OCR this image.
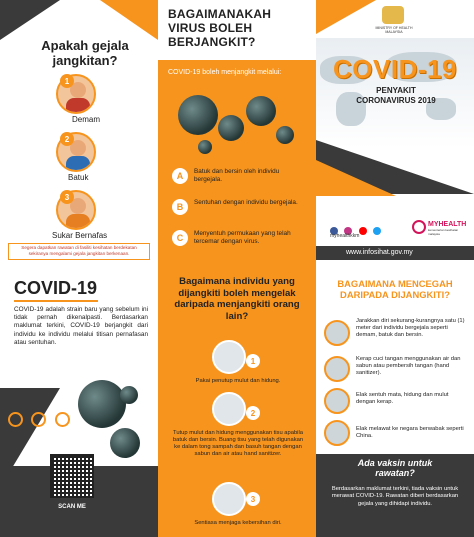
Apakah gejala jangkitan?
1
Demam
2
Batuk
3
Sukar Bernafas
Segera dapatkan rawatan di fasiliti kesihatan berdekatan sekiranya mengalami gejala jangkitan berkenaan.
BAGAIMANAKAH VIRUS BOLEH BERJANGKIT?
COVID-19 boleh menjangkit melalui:
A	Batuk dan bersin oleh individu bergejala.
B	Sentuhan dengan individu bergejala.
C	Menyentuh permukaan yang telah tercemar dengan virus.
MINISTRY OF HEALTH MALAYSIA
COVID-19
PENYAKIT CORONAVIRUS 2019

myhealthkkm
MYHEALTH
kementerian kesihatan malaysia
www.infosihat.gov.my
COVID-19
COVID-19 adalah strain baru yang sebelum ini tidak pernah dikenalpasti. Berdasarkan maklumat terkini, COVID-19 berjangkit dari individu ke individu melalui titisan pernafasan atau sentuhan.

SCAN ME
Bagaimana individu yang dijangkiti boleh mengelak daripada menjangkiti orang lain?
1
Pakai penutup mulut dan hidung.
2
Tutup mulut dan hidung menggunakan tisu apabila batuk dan bersin. Buang tisu yang telah digunakan ke dalam tong sampah dan basuh tangan dengan sabun dan air atau hand sanitizer.
3
Sentiasa menjaga kebersihan diri.
BAGAIMANA MENCEGAH DARIPADA DIJANGKITI?
Jarakkan diri sekurang-kurangnya satu (1) meter dari individu bergejala seperti demam, batuk dan bersin.
Kerap cuci tangan menggunakan air dan sabun atau pembersih tangan (hand sanitizer).
Elak sentuh mata, hidung dan mulut dengan kerap.
Elak melawat ke negara berwabak seperti China.
Ada vaksin untuk rawatan?
Berdasarkan maklumat terkini, tiada vaksin untuk merawat COVID-19. Rawatan diberi berdasarkan gejala yang dihidapi individu.
